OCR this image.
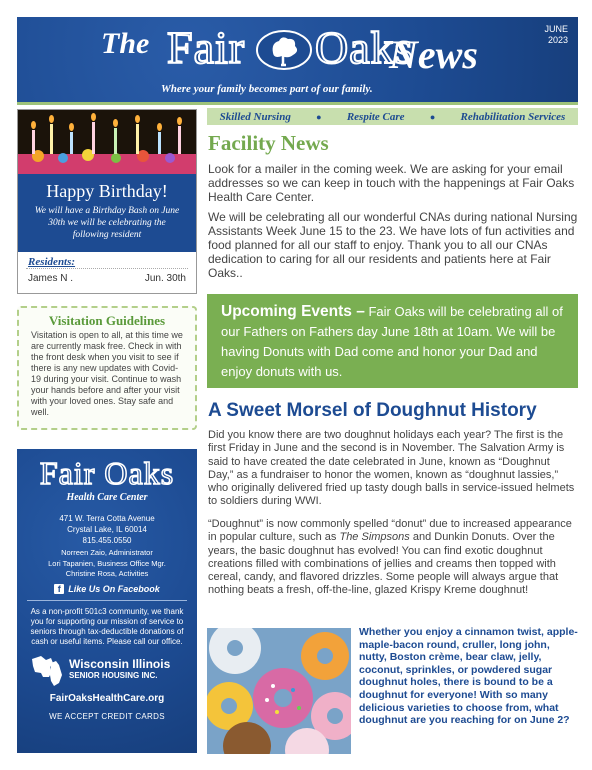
The Fair Oaks
News
Where your family becomes part of our family.
JUNE
2023
Skilled Nursing	● Respite Care	● Rehabilitation Services
Happy Birthday!
We will have a Birthday Bash on June 30th we will be celebrating the following resident
Residents:
James N .	Jun. 30th
Visitation Guidelines
Visitation is open to all, at this time we are currently mask free. Check in with the front desk when you visit to see if there is any new updates with Covid-19 during your visit. Continue to wash your hands before and after your visit with your loved ones. Stay safe and well.
Fair Oaks
Health Care Center
471 W. Terra Cotta Avenue
Crystal Lake, IL 60014
815.455.0550
Norreen Zaio, Administrator
Lori Tapanien, Business Office Mgr.
Christine Rosa, Activities
f Like Us On Facebook
As a non-profit 501c3 community, we thank you for supporting our mission of service to seniors through tax-deductible donations of cash or useful items. Please call our office.
Wisconsin Illinois
SENIOR HOUSING INC.
FairOaksHealthCare.org
WE ACCEPT CREDIT CARDS
Facility News
Look for a mailer in the coming week. We are asking for your email addresses so we can keep in touch with the happenings at Fair Oaks Health Care Center.
We will be celebrating all our wonderful CNAs during national Nursing Assistants Week June 15 to the 23. We have lots of fun activities and food planned for all our staff to enjoy. Thank you to all our CNAs dedication to caring for all our residents and patients here at Fair Oaks..
Upcoming Events – Fair Oaks will be celebrating all of our Fathers on Fathers day June 18th at 10am. We will be having Donuts with Dad come and honor your Dad and enjoy donuts with us.
A Sweet Morsel of Doughnut History
Did you know there are two doughnut holidays each year? The first is the first Friday in June and the second is in November. The Salvation Army is said to have created the date celebrated in June, known as “Doughnut Day,” as a fundraiser to honor the women, known as “doughnut lassies,” who originally delivered fried up tasty dough balls in service-issued helmets to soldiers during WWI.
“Doughnut” is now commonly spelled “donut” due to increased appearance in popular culture, such as The Simpsons and Dunkin Donuts. Over the years, the basic doughnut has evolved! You can find exotic doughnut creations filled with combinations of jellies and creams then topped with cereal, candy, and flavored drizzles. Some people will always argue that nothing beats a fresh, off-the-line, glazed Krispy Kreme doughnut!
Whether you enjoy a cinnamon twist, apple-maple-bacon round, cruller, long john, nutty, Boston crème, bear claw, jelly, coconut, sprinkles, or powdered sugar doughnut holes, there is bound to be a doughnut for everyone! With so many delicious varieties to choose from, what doughnut are you reaching for on June 2?
